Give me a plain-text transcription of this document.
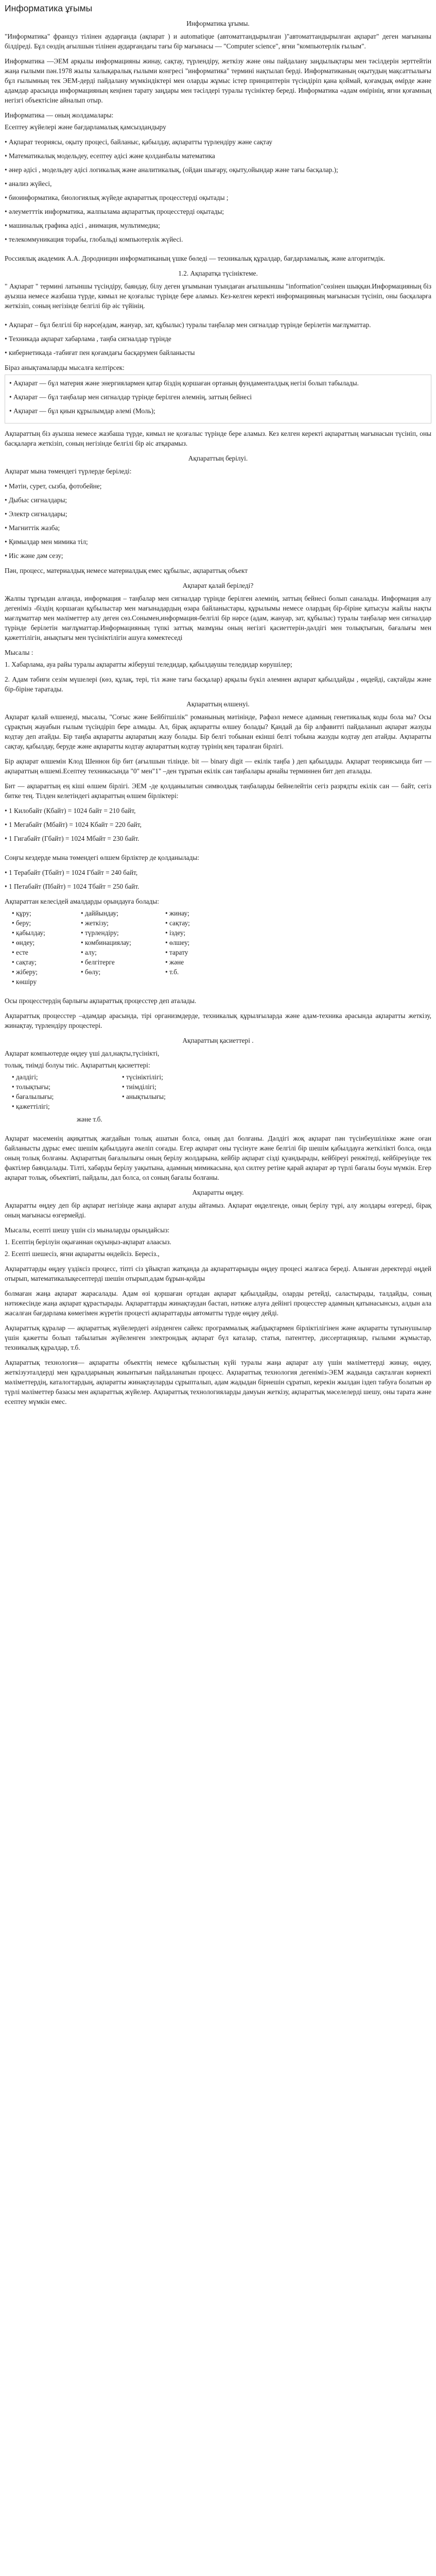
Информатика ұғымы
Информатика ұғымы.

"Информатика" француз тілінен аударғанда (ақпарат ) и automatique (автоматтандырылған )"автоматтандырылған ақпарат" деген мағынаны білдіреді. Бұл сөздің ағылшын тілінен аударғандағы тағы бір мағынасы — "Computer science", яғни "компьютерлік ғылым".

Информатика —ЭЕМ арқылы информацияны жинау, сақтау, түрлендіру, жеткізу және оны пайдалану заңдылықтары мен тәсілдерін зерттейтін жаңа ғылыми пән.1978 жылы халықаралық ғылыми конгресі "информатика" термині нақтылап берді. Информатиканың оқытудың мақсаттылығы бұл ғылымның тек ЭЕМ-дерді пайдалану мүмкіндіктері мен оларды жұмыс істер принциптерін түсіндіріп қана қоймай, қоғамдық өмірде және адамдар арасында информацияның кеңінен тарату заңдары мен тәсілдері туралы түсініктер береді. Информатика «адам өмірінің, яғни қоғамның негізгі объектісіне айналып отыр.

Информатика — оның жолдамалары:

Есептеу жүйелері және бағдарламалық қамсыздандыру

• Ақпарат теориясы, оқыту процесі, байланыс, қабылдау, ақпаратты түрлендіру және сақтау
• Математикалық модельдеу, есептеу әдісі және қолданбалы математика
• әнер әдісі , модельдеу әдісі логикалық және аналитикалық, (ойдан шығару, оқыту,ойындар және тағы басқалар.);
• анализ жүйесі,
• биоинформатика, биологиялық жүйеде ақпараттық процесстерді оқытады ;
• әлеуметттік информатика, жалпылама ақпараттық процесстерді оқытады;
• машиналық графика әдісі , анимация, мультимедиа;
• телекоммуникация торабы, глобальді компьютерлік жүйесі.

Россиялық академик А.А. Дородницин информатиканың үшке бөледі — техникалық құралдар, бағдарламалық, және алгоритмдік.

1.2. Ақпаратқа түсініктеме.

" Ақпарат " термині латыншы түсіндіру, баяндау, білу деген ұғымынан туындаған ағылшыншы "information"сөзінен шыққан.Информацияның біз ауызша немесе жазбаша түрде, кимыл не қозғалыс түрінде бере аламыз. Кез-келген керекті информацияның мағынасын түсініп, оны басқаларға жеткізіп, соның негізінде белгілі бір әіс түйінің.

• Ақпарат – бұл белгілі бір нәрсе(адам, жануар, зат, құбылыс) туралы таңбалар мен сигналдар түрінде берілетін мағлұматтар.
• Техникада ақпарат хабарлама , таңба сигналдар түрінде
• кибернетикада -табиғат пен қоғамдағы басқарумен байланысты

Біраз анықтамаларды мысалға келтірсек:

• Ақпарат — бұл материя және энергиялармен қатар біздің қоршаған ортаның фундаменталдық негізі болып табылады.
• Ақпарат — бұл таңбалар мен сигналдар түрінде берілген әлемнің, заттың бейнесі
• Ақпарат — бұл қиын құрылымдар әлемі (Моль);

Ақпараттың біз ауызша немесе жазбаша түрде, кимыл не қозғалыс түрінде бере аламыз. Кез келген керекті ақпараттың мағынасын түсініп, оны басқаларға жеткізіп, соның негізінде белгілі бір әіс атқарамыз.

Ақпараттың берілуі.

Ақпарат мына төмендегі түрлерде беріледі:

• Мәтін, сурет, сызба, фотобейне;
• Дыбыс сигналдары;
• Электр сигналдары;
• Магниттік жазба;
• Қимылдар мен мимика тіл;
• Иіс және дәм сезу;

Пән, процесс, материалдық немесе материалдық емес құбылыс, ақпараттық объект

Ақпарат қалай беріледі?

Жалпы тұрғыдан алғанда, информация – таңбалар мен сигналдар түрінде берілген әлемнің, заттың бейнесі болып саналады. Информация алу дегеніміз -біздің қоршаған құбылыстар мен мағынадардың өзара байланыстары, құрылымы немесе олардың бір-біріне қатысуы жайлы нақты мағлұматтар мен мәліметтер алу деген сөз.Сонымен,информация-белгілі бір нәрсе (адам, жануар, зат, құбылыс) туралы таңбалар мен сигналдар түрінде берілетін мағлұматтар.Информацияның түпкі заттық мазмұны оның негізгі қасиеттерін-дәлдігі мен толықтығын, бағалығы мен қажеттілігін, анықтығы мен түсініктілігін ашуға көмектеседі

Мысалы :

1. Хабарлама, ауа райы туралы ақпаратты жіберуші теледидар, қабылдаушы теледидар көрушілер;

2. Адам тәбиғи сезім мүшелері (көз, құлақ, тері, тіл және тағы басқалар) арқылы бүкіл әлемнен ақпарат қабылдайды , өңдейді, сақтайды және бір-біріне таратады.

Ақпараттың өлшенуі.

Ақпарат қалай өлшенеді, мысалы, "Соғыс және Бейбітшілік" романының мәтінінде, Рафаэл немесе адамның генетикалық коды бола ма? Осы сұрақтың жауабын ғылым түсіндіріп бере алмады. Ал, бірақ ақпаратты өлшеу болады? Қандай да бір алфавитті пайдаланып ақпарат жазуды кодтау деп атайды. Бір таңба ақпаратты ақпаратың жазу болады. Бір белгі тобынан екінші белгі тобына жазуды кодтау деп атайды. Ақпаратты сақтау, қабылдау, беруде және ақпаратты кодтау ақпараттың кодтау түрінің кең таралған бірлігі.

Бір ақпарат өлшемін Клод Шеннон бір бит (ағылшын тілінде. bit — binary digit — екілік таңба ) деп қабылдады. Ақпарат теориясында бит — ақпараттың өлшемі.Есептеу техникасында "0" мен"1" –ден тұратын екілік сан таңбалары арнайы терминнен бит деп аталады.

Бит — ақпараттың ең кіші өлшем бірлігі. ЭЕМ -де қолданылатын символдық таңбаларды бейнелейтін сегіз разрядты екілік сан — байт, сегіз битке тең. Тілден келетіндегі ақпараттың өлшем бірліктері:

• 1 Килобайт (Кбайт) = 1024 байт = 210 байт,
• 1 Мегабайт (Мбайт) = 1024 Кбайт = 220 байт,
• 1 Гигабайт (Гбайт) = 1024 Мбайт = 230 байт.

Соңғы кездерде мына төмендегі өлшем бірліктер де қолданылады:

• 1 Терабайт (Тбайт) = 1024 Гбайт = 240 байт,
• 1 Петабайт (Пбайт) = 1024 Тбайт = 250 байт.

Ақпараттан келесідей амалдарды орындауға болады:

• құру;
• беру;
• қабылдау;
• өндеу;
• есте
• сақтау;
• жіберу;
• көшіру
• даййындау;
• жеткізу;
• түрлендіру;
• комбинациялау;
• алу;
• белгітерге
• бөлу;
• жинау;
• сақтау;
• іздеу;
• өлшеу;
• тарату
• және
• т.б.

Осы процесстердің барлығы ақпараттық процесстер деп аталады.

Ақпараттық процесстер –адамдар арасында, тірі организмдерде, техникалық құрылғыларда және адам-техника арасында ақпаратты жеткізу, жинақтау, түрлендіру процестері.

Ақпараттың қасиеттері .

Ақпарат компьютерде өңдеу үші дал,нақты,түсінікті,

толық, тиімді болуы тиіс. Ақпараттың қасиеттері:

• дәлдігі;
• толықтығы;
• бағалылығы;
• қажеттілігі;
• түсініктілігі;
• тиімділігі;
• анықтылығы;
және т.б.

Ақпарат масеменің ақиқаттық жағдайын толық ашатын болса, оның дал болғаны. Дәлдігі жоқ ақпарат пән түсінбеушілікке және оған байланысты дұрыс емес шешім қабылдауға әкеліп соғады. Егер ақпарат оны түсінуге және белгілі бір шешім қабылдауға жеткілікті болса, онда оның толық болғаны. Ақпараттың бағалылығы оның берілу жолдарына, кейбір ақпарат сізді қуандырады, кейбіреуі ренжітеді, кейбіреуінде тек фактілер баяндалады. Тілті, хабарды берілу уақытына, адамның мимикасына, қол силтеу ретіне қарай ақпарат әр түрлі бағалы боуы мүмкін. Егер ақпарат толық, объектівті, пайдалы, дал болса, ол соның бағалы болғаны.

Ақпаратты өңдеу.

Ақпаратты өңдеу деп бір ақпарат негізінде жаңа ақпарат алуды айтамыз. Ақпарат өңделгенде, оның берілу түрі, алу жолдары өзгереді, бірақ оның мағынасы өзгермейді.

Мысалы, есепті шешу үшін сіз мыналарды орындайсыз:

1. Есептің берілуін оқығаннан оқуыңыз-ақпарат алаасыз.

2. Есепті шешесіз, яғни ақпаратты өндейсіз. Береcіз.,

Ақпараттарды өңдеу үздіксіз процесс, тіпті сіз ұйықтап жатқанда да ақпараттарыңды өңдеу процесі жалғаса береді. Алынған деректерді өңдей отырып, математикалықесептерді шешін отырып,адам бұрын-қойды

болмаған жаңа ақпарат жарасалады. Адам өзі қоршаған ортадан ақпарат қабылдайды, оларды ретейді, саластырады, талдайды, соның нәтижесінде жаңа ақпарат құрастырады. Ақпараттарды жинақтаудан бастап, нәтиже алуға дейінгі процесстер адамның қатынасынсыз, алдын ала жасалған бағдарлама көмегімен жүретін процесті ақпараттарды автоматты түрде өңдеу дейді.

Ақпараттық құралар — ақпараттық жүйелердегі әзірденген сайекс программалық жабдықтармен бірліктілігінен және ақпаратты тұтынушылар үшін қажетты болып табылатын жүйеленген электрондық ақпарат бүл каталар, статья, патенттер, диссертациялар, ғылыми жұмыстар, техникалық құралдар, т.б.

Ақпараттық технология— ақпаратты объекттің немесе құбылыстың күйі туралы жаңа ақпарат алу үшін мәліметтерді жинау, өңдеу, жеткізуэталдерді мен құралдарының жиынтығын пайдаланатын процесс. Ақпараттық технология дегеніміз-ЭЕМ жадында сақталған көрнекті мәліметтердің, каталогтардың, ақпаратты жинақтауларды сұрыпталып, адам жадыдан бірнешін сұратып, керекін жылдан іздеп табуға болатын әр түрлі мәліметтер базасы мен ақпараттық жүйелер. Ақпараттық технологияларды дамуын жеткізу, ақпараттық мәселелерді шешу, оны тарата және есептеу мүмкін емес.
